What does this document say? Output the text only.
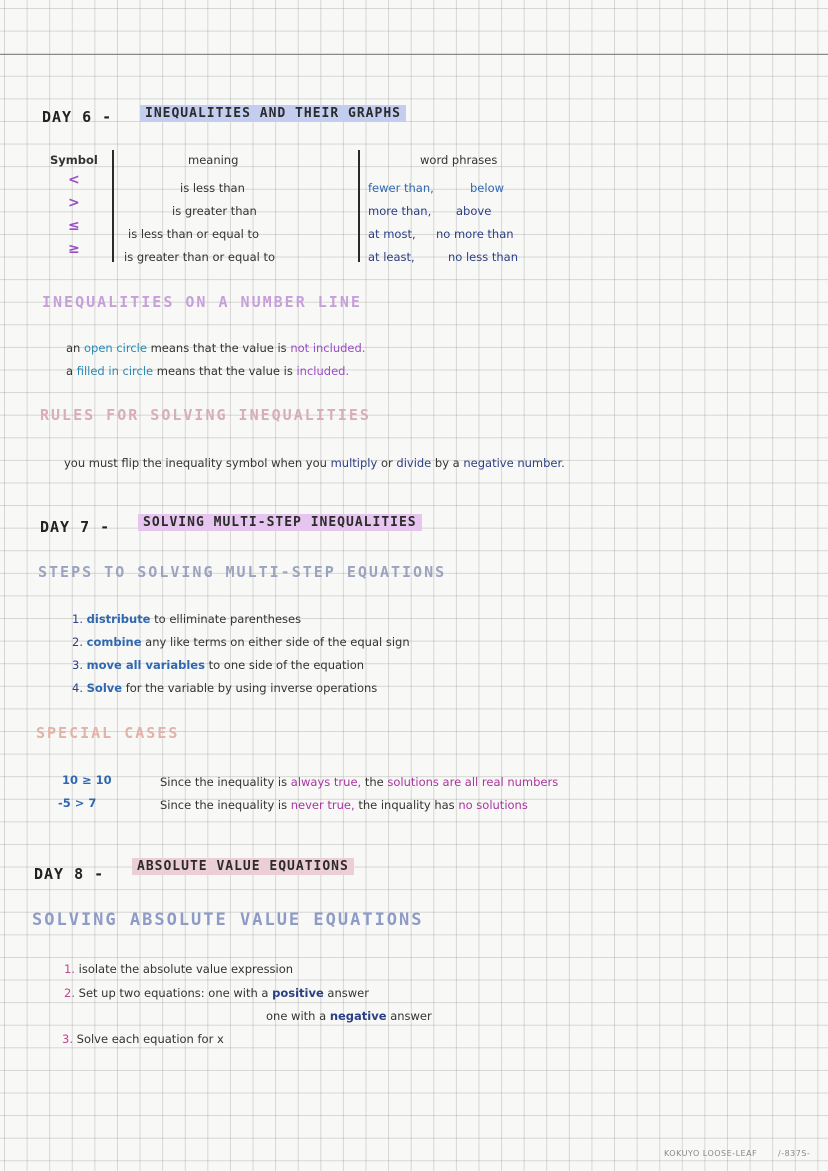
DAY 6 -	INEQUALITIES AND THEIR GRAPHS
Symbol	meaning	word phrases
<	is less than	fewer than,	below
>	is greater than	more than, above
≤	is less than or equal to	at most, no more than
≥	is greater than or equal to	at least,	no less than
INEQUALITIES ON A NUMBER LINE
an open circle means that the value is not included.
a filled in circle means that the value is included.
RULES FOR SOLVING INEQUALITIES
you must flip the inequality symbol when you multiply or divide by a negative number.
DAY 7 -	SOLVING MULTI-STEP INEQUALITIES
STEPS TO SOLVING MULTI-STEP EQUATIONS
1. distribute to elliminate parentheses
2. combine any like terms on either side of the equal sign
3. move all variables to one side of the equation
4. Solve for the variable by using inverse operations
SPECIAL CASES
10 ≥ 10	Since the inequality is always true, the solutions are all real numbers
-5 > 7	Since the inequality is never true, the inquality has no solutions
DAY 8 -	ABSOLUTE VALUE EQUATIONS
SOLVING ABSOLUTE VALUE EQUATIONS
1. isolate the absolute value expression
2. Set up two equations: one with a positive answer
one with a negative answer
3. Solve each equation for x
KOKUYO LOOSE-LEAF	/-837S-
